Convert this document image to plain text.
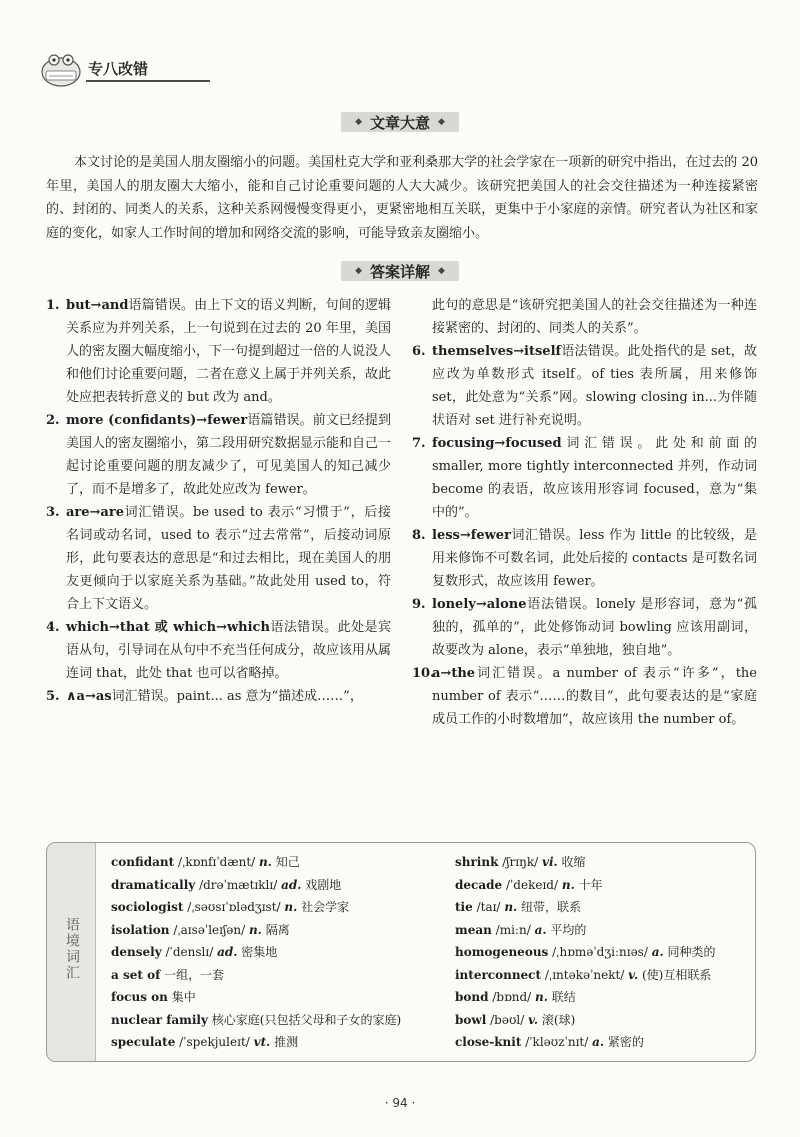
专八改错
◆ 文章大意 ◆

本文讨论的是美国人朋友圈缩小的问题。美国杜克大学和亚利桑那大学的社会学家在一项新的研究中指出，在过去的 20 年里，美国人的朋友圈大大缩小，能和自己讨论重要问题的人大大减少。该研究把美国人的社会交往描述为一种连接紧密的、封闭的、同类人的关系，这种关系网慢慢变得更小，更紧密地相互关联，更集中于小家庭的亲情。研究者认为社区和家庭的变化，如家人工作时间的增加和网络交流的影响，可能导致亲友圈缩小。

◆ 答案详解 ◆
1. but→and语篇错误。由上下文的语义判断，句间的逻辑关系应为并列关系，上一句说到在过去的 20 年里，美国人的密友圈大幅度缩小，下一句提到超过一倍的人说没人和他们讨论重要问题，二者在意义上属于并列关系，故此处应把表转折意义的 but 改为 and。
2. more (confidants)→fewer语篇错误。前文已经提到美国人的密友圈缩小，第二段用研究数据显示能和自己一起讨论重要问题的朋友减少了，可见美国人的知己减少了，而不是增多了，故此处应改为 fewer。
3. are→are词汇错误。be used to 表示“习惯于”，后接名词或动名词，used to 表示“过去常常”，后接动词原形，此句要表达的意思是“和过去相比，现在美国人的朋友更倾向于以家庭关系为基础。”故此处用 used to，符合上下文语义。
4. which→that 或 which→which语法错误。此处是宾语从句，引导词在从句中不充当任何成分，故应该用从属连词 that，此处 that 也可以省略掉。
5. ∧a→as词汇错误。paint... as 意为“描述成……”，
此句的意思是“该研究把美国人的社会交往描述为一种连接紧密的、封闭的、同类人的关系”。
6. themselves→itself语法错误。此处指代的是 set，故应改为单数形式 itself。of ties 表所属，用来修饰 set，此处意为“关系”网。slowing closing in...为伴随状语对 set 进行补充说明。
7. focusing→focused词汇错误。此处和前面的 smaller, more tightly interconnected 并列，作动词 become 的表语，故应该用形容词 focused，意为“集中的”。
8. less→fewer词汇错误。less 作为 little 的比较级，是用来修饰不可数名词，此处后接的 contacts 是可数名词复数形式，故应该用 fewer。
9. lonely→alone语法错误。lonely 是形容词，意为“孤独的，孤单的”，此处修饰动词 bowling 应该用副词，故要改为 alone，表示“单独地，独自地”。
10.
a→the词汇错误。a number of 表示“许多”，the number of 表示“……的数目”，此句要表达的是“家庭成员工作的小时数增加”，故应该用 the number of。
语境词汇
confidant /ˌkɒnfɪˈdænt/ n. 知己
dramatically /drəˈmætɪklɪ/ ad. 戏剧地
sociologist /ˌsəʊsɪˈɒlədʒɪst/ n. 社会学家
isolation /ˌaɪsəˈleɪʃən/ n. 隔离
densely /ˈdenslɪ/ ad. 密集地
a set of 一组，一套
focus on 集中
nuclear family 核心家庭(只包括父母和子女的家庭)
speculate /ˈspekjuleɪt/ vt. 推测
shrink /ʃrɪŋk/ vi. 收缩
decade /ˈdekeɪd/ n. 十年
tie /taɪ/ n. 纽带，联系
mean /miːn/ a. 平均的
homogeneous /ˌhɒməˈdʒiːnɪəs/ a. 同种类的
interconnect /ˌɪntəkəˈnekt/ v. (使)互相联系
bond /bɒnd/ n. 联结
bowl /bəʊl/ v. 滚(球)
close-knit /ˈkləʊzˈnɪt/ a. 紧密的
· 94 ·
